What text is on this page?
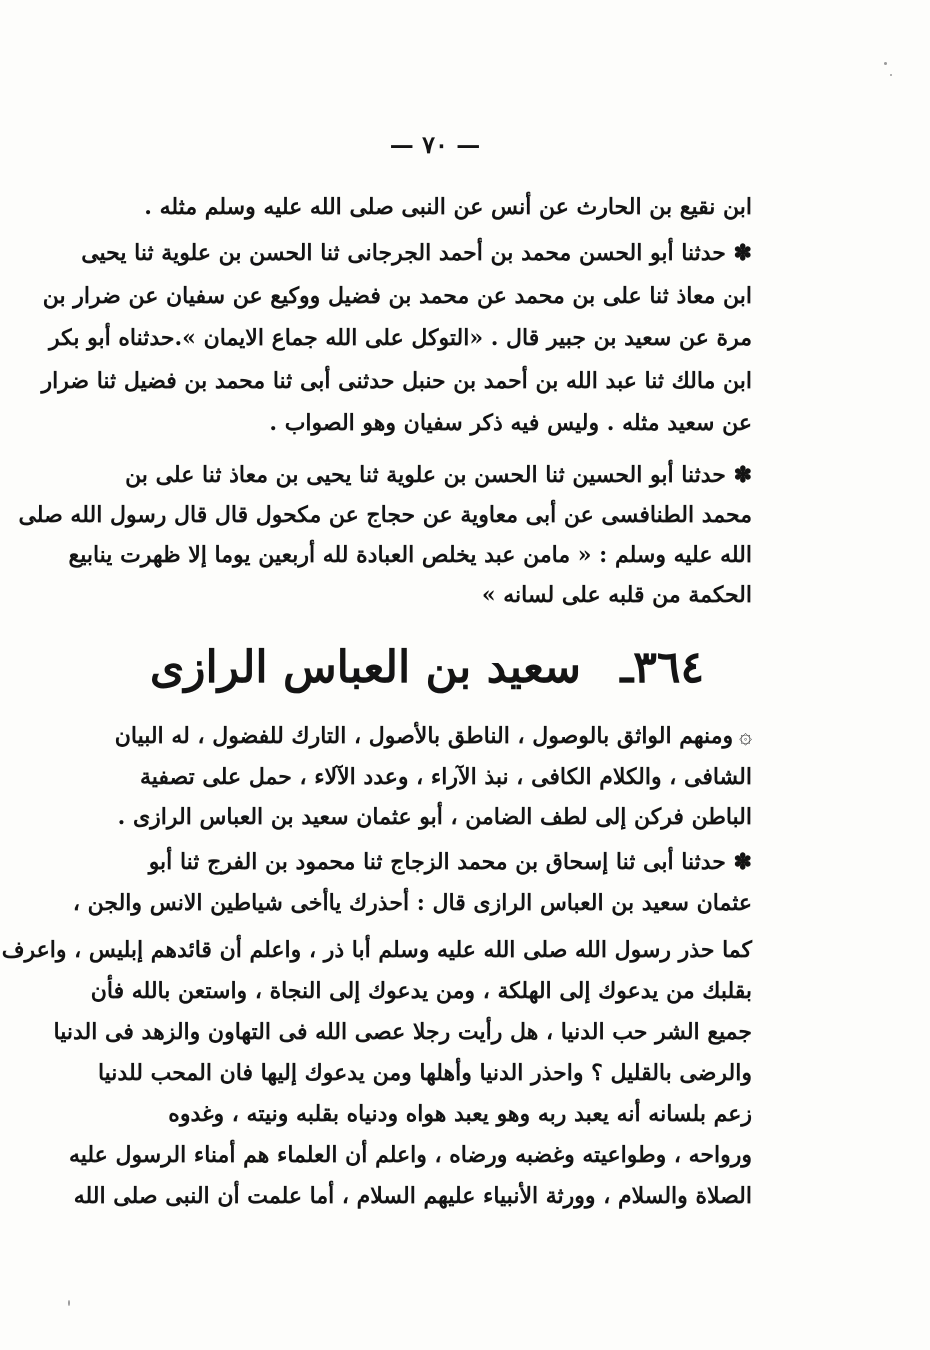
— ٧٠ —
ابن نقيع بن الحارث عن أنس عن النبى صلى الله عليه وسلم مثله .
✽ حدثنا أبو الحسن محمد بن أحمد الجرجانى ثنا الحسن بن علوية ثنا يحيى
ابن معاذ ثنا على بن محمد عن محمد بن فضيل ووكيع عن سفيان عن ضرار بن
مرة عن سعيد بن جبير قال . «التوكل على الله جماع الايمان ».حدثناه أبو بكر
ابن مالك ثنا عبد الله بن أحمد بن حنبل حدثنى أبى ثنا محمد بن فضيل ثنا ضرار
عن سعيد مثله . وليس فيه ذكر سفيان وهو الصواب .
✽ حدثنا أبو الحسين ثنا الحسن بن علوية ثنا يحيى بن معاذ ثنا على بن
محمد الطنافسى عن أبى معاوية عن حجاج عن مكحول قال قال رسول الله صلى
الله عليه وسلم : « مامن عبد يخلص العبادة لله أربعين يوما إلا ظهرت ينابيع
الحكمة من قلبه على لسانه »
٣٦٤ـ سعيد بن العباس الرازى
۞ومنهم الواثق بالوصول ، الناطق بالأصول ، التارك للفضول ، له البيان
الشافى ، والكلام الكافى ، نبذ الآراء ، وعدد الآلاء ، حمل على تصفية
الباطن فركن إلى لطف الضامن ، أبو عثمان سعيد بن العباس الرازى .
✽ حدثنا أبى ثنا إسحاق بن محمد الزجاج ثنا محمود بن الفرج ثنا أبو
عثمان سعيد بن العباس الرازى قال : أحذرك ياأخى شياطين الانس والجن ،
كما حذر رسول الله صلى الله عليه وسلم أبا ذر ، واعلم أن قائدهم إبليس ، واعرف
بقلبك من يدعوك إلى الهلكة ، ومن يدعوك إلى النجاة ، واستعن بالله فأن
جميع الشر حب الدنيا ، هل رأيت رجلا عصى الله فى التهاون والزهد فى الدنيا
والرضى بالقليل ؟ واحذر الدنيا وأهلها ومن يدعوك إليها فان المحب للدنيا
زعم بلسانه أنه يعبد ربه وهو يعبد هواه ودنياه بقلبه ونيته ، وغدوه
ورواحه ، وطواعيته وغضبه ورضاه ، واعلم أن العلماء هم أمناء الرسول عليه
الصلاة والسلام ، وورثة الأنبياء عليهم السلام ، أما علمت أن النبى صلى الله
